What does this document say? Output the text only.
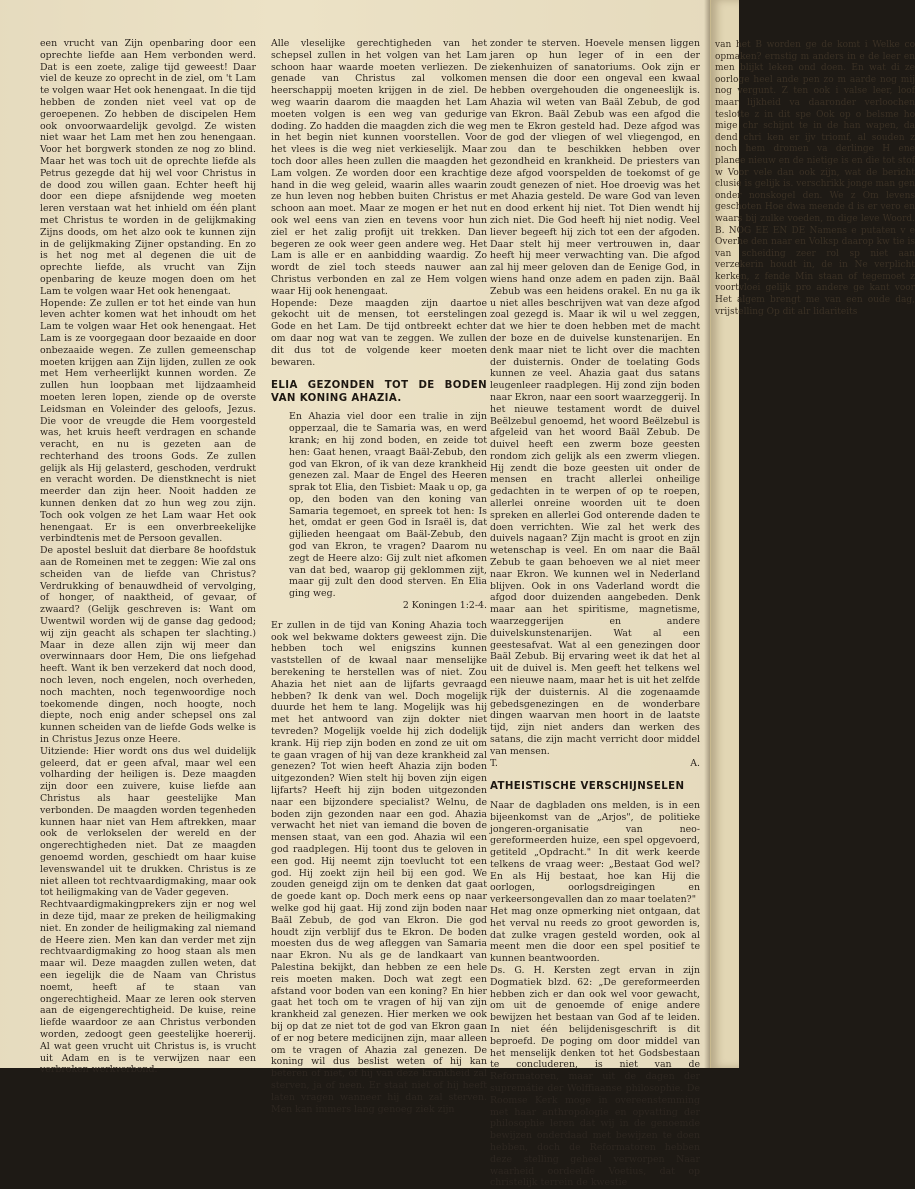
een vrucht van Zijn openbaring door een oprechte liefde aan Hem verbonden werd. Dat is een zoete, zalige tijd geweest! Daar viel de keuze zo oprecht in de ziel, om 't Lam te volgen waar Het ook henengaat. In die tijd hebben de zonden niet veel vat op de geroepenen. Zo hebben de discipelen Hem ook onvoorwaardelijk gevolgd. Ze wisten niet waar het Lam met hen zou henengaan. Voor het borgwerk stonden ze nog zo blind. Maar het was toch uit de oprechte liefde als Petrus gezegde dat hij wel voor Christus in de dood zou willen gaan. Echter heeft hij door een diepe afsnijdende weg moeten leren verstaan wat het inhield om één plant met Christus te worden in de gelijkmaking Zijns doods, om het alzo ook te kunnen zijn in de gelijkmaking Zijner opstanding. En zo is het nog met al degenen die uit de oprechte liefde, als vrucht van Zijn openbaring de keuze mogen doen om het Lam te volgen waar Het ook henengaat.

Hopende: Ze zullen er tot het einde van hun leven achter komen wat het inhoudt om het Lam te volgen waar Het ook henengaat. Het Lam is ze voorgegaan door bezaaide en door onbezaaide wegen. Ze zullen gemeenschap moeten krijgen aan Zijn lijden, zullen ze ook met Hem verheerlijkt kunnen worden. Ze zullen hun loopbaan met lijdzaamheid moeten leren lopen, ziende op de overste Leidsman en Voleinder des geloofs, Jezus. Die voor de vreugde die Hem voorgesteld was, het kruis heeft verdragen en schande veracht, en nu is gezeten aan de rechterhand des troons Gods. Ze zullen gelijk als Hij gelasterd, geschoden, verdrukt en veracht worden. De dienstknecht is niet meerder dan zijn heer. Nooit hadden ze kunnen denken dat zo hun weg zou zijn. Toch ook volgen ze het Lam waar Het ook henengaat. Er is een onverbreekelijke verbindtenis met de Persoon gevallen.

De apostel besluit dat dierbare 8e hoofdstuk aan de Romeinen met te zeggen: Wie zal ons scheiden van de liefde van Christus? Verdrukking of benauwdheid of vervolging, of honger, of naaktheid, of gevaar, of zwaard? (Gelijk geschreven is: Want om Uwentwil worden wij de ganse dag gedood; wij zijn geacht als schapen ter slachting.) Maar in deze allen zijn wij meer dan overwinnaars door Hem, Die ons liefgehad heeft. Want ik ben verzekerd dat noch dood, noch leven, noch engelen, noch overheden, noch machten, noch tegenwoordige noch toekomende dingen, noch hoogte, noch diepte, noch enig ander schepsel ons zal kunnen scheiden van de liefde Gods welke is in Christus Jezus onze Heere.

Uitziende: Hier wordt ons dus wel duidelijk geleerd, dat er geen afval, maar wel een volharding der heiligen is. Deze maagden zijn door een zuivere, kuise liefde aan Christus als haar geestelijke Man verbonden. De maagden worden tegenheden kunnen haar niet van Hem aftrekken, maar ook de verlokselen der wereld en der ongerechtigheden niet. Dat ze maagden genoemd worden, geschiedt om haar kuise levenswandel uit te drukken. Christus is ze niet alleen tot rechtvaardigmaking, maar ook tot heiligmaking van de Vader gegeven.

Rechtvaardigmakingprekers zijn er nog wel in deze tijd, maar ze preken de heiligmaking niet. En zonder de heiligmaking zal niemand de Heere zien. Men kan dan verder met zijn rechtvaardigmaking zo hoog staan als men maar wil. Deze maagden zullen weten, dat een iegelijk die de Naam van Christus noemt, heeft af te staan van ongerechtigheid. Maar ze leren ook sterven aan de eigengerechtigheid. De kuise, reine liefde waardoor ze aan Christus verbonden worden, zedoogt geen geestelijke hoererij. Al wat geen vrucht uit Christus is, is vrucht uit Adam en is te verwijzen naar een verbroken werkverbond.

Alle vleselijke gerechtigheden van het schepsel zullen in het volgen van het Lam schoon haar waarde moeten verliezen. De genade van Christus zal volkomen heerschappij moeten krijgen in de ziel. De weg waarin daarom die maagden het Lam moeten volgen is een weg van gedurige doding. Zo hadden die maagden zich die weg in het begin niet kunnen voorstellen. Voor het vlees is die weg niet verkieselijk. Maar toch door alles heen zullen die maagden het Lam volgen. Ze worden door een krachtige hand in die weg geleid, waarin alles waarin ze hun leven nog hebben buiten Christus er schoon aan moet. Maar ze mogen er het nut ook wel eens van zien en tevens voor hun ziel er het zalig profijt uit trekken. Dan begeren ze ook weer geen andere weg. Het Lam is alle er en aanbidding waardig. Zo wordt de ziel toch steeds nauwer aan Christus verbonden en zal ze Hem volgen waar Hij ook henengaat.

Hopende: Deze maagden zijn daartoe gekocht uit de mensen, tot eerstelingen Gode en het Lam. De tijd ontbreekt echter om daar nog wat van te zeggen. We zullen dit dus tot de volgende keer moeten bewaren.

ELIA GEZONDEN TOT DE BODEN VAN KONING AHAZIA.
En Ahazia viel door een tralie in zijn opperzaal, die te Samaria was, en werd krank; en hij zond boden, en zeide tot hen: Gaat henen, vraagt Baäl-Zebub, den god van Ekron, of ik van deze krankheid genezen zal. Maar de Engel des Heeren sprak tot Elia, den Tisbiet: Maak u op, ga op, den boden van den koning van Samaria tegemoet, en spreek tot hen: Is het, omdat er geen God in Israël is, dat gijlieden heengaat om Baäl-Zebub, den god van Ekron, te vragen? Daarom nu zegt de Heere alzo: Gij zult niet afkomen van dat bed, waarop gij geklommen zijt, maar gij zult den dood sterven. En Elia ging weg.
2 Koningen 1:2-4.

Er zullen in de tijd van Koning Ahazia toch ook wel bekwame dokters geweest zijn. Die hebben toch wel enigszins kunnen vaststellen of de kwaal naar menselijke berekening te herstellen was of niet. Zou Ahazia het niet aan de lijfarts gevraagd hebben? Ik denk van wel. Doch mogelijk duurde het hem te lang. Mogelijk was hij met het antwoord van zijn dokter niet tevreden? Mogelijk voelde hij zich dodelijk krank. Hij riep zijn boden en zond ze uit om te gaan vragen of hij van deze krankheid zal genezen? Tot wien heeft Ahazia zijn boden uitgezonden? Wien stelt hij boven zijn eigen lijfarts? Heeft hij zijn boden uitgezonden naar een bijzondere specialist? Welnu, de boden zijn gezonden naar een god. Ahazia verwacht het niet van iemand die boven de mensen staat, van een god. Ahazia wil een god raadplegen. Hij toont dus te geloven in een god. Hij neemt zijn toevlucht tot een god. Hij zoekt zijn heil bij een god. We zouden geneigd zijn om te denken dat gaat de goede kant op. Doch merk eens op naar welke god hij gaat. Hij zond zijn boden naar Baäl Zebub, de god van Ekron. Die god houdt zijn verblijf dus te Ekron. De boden moesten dus de weg afleggen van Samaria naar Ekron. Nu als ge de landkaart van Palestina bekijkt, dan hebben ze een hele reis moeten maken. Doch wat zegt een afstand voor boden van een koning? En hier gaat het toch om te vragen of hij van zijn krankheid zal genezen. Hier merken we ook bij op dat ze niet tot de god van Ekron gaan of er nog betere medicijnen zijn, maar alleen om te vragen of Ahazia zal genezen. De koning wil dus beslist weten of hij kan beteren of niet, of hij van deze krankheid zal sterven, ja of neen. Er staat niet of hij heeft laten vragen wanneer hij dan zal sterven. Men kan immers lang genoeg ziek zijn

zonder te sterven. Hoevele mensen liggen jaren op hun leger of in een der ziekenhuizen of sanatoriums. Ook zijn er mensen die door een ongeval een kwaal hebben overgehouden die ongeneeslijk is. Ahazia wil weten van Baäl Zebub, de god van Ekron. Baäl Zebub was een afgod die men te Ekron gesteld had. Deze afgod was de god der vliegen of wel vliegengod, en zou dan te beschikken hebben over gezondheid en krankheid. De priesters van deze afgod voorspelden de toekomst of ge zoudt genezen of niet. Hoe droevig was het met Ahazia gesteld. De ware God van leven en dood erkent hij niet. Tot Dien wendt hij zich niet. Die God heeft hij niet nodig. Veel liever begeeft hij zich tot een der afgoden. Daar stelt hij meer vertrouwen in, daar heeft hij meer verwachting van. Die afgod zal hij meer geloven dan de Eenige God, in wiens hand onze adem en paden zijn. Baäl Zebub was een heidens orakel. En nu ga ik u niet alles beschrijven wat van deze afgod zoal gezegd is. Maar ik wil u wel zeggen, dat we hier te doen hebben met de macht der boze en de duivelse kunstenarijen. En denk maar niet te licht over die machten der duisternis. Onder de toelating Gods kunnen ze veel. Ahazia gaat dus satans leugenleer raadplegen. Hij zond zijn boden naar Ekron, naar een soort waarzeggerij. In het nieuwe testament wordt de duivel Beëlzebul genoemd, het woord Beëlzebul is afgeleid van het woord Baäl Zebub. De duivel heeft een zwerm boze geesten rondom zich gelijk als een zwerm vliegen. Hij zendt die boze geesten uit onder de mensen en tracht allerlei onheilige gedachten in te werpen of op te roepen, allerlei onreine woorden uit te doen spreken en allerlei God onterende daden te doen verrichten. Wie zal het werk des duivels nagaan? Zijn macht is groot en zijn wetenschap is veel. En om naar die Baäl Zebub te gaan behoeven we al niet meer naar Ekron. We kunnen wel in Nederland blijven. Ook in ons Vaderland wordt die afgod door duizenden aangebeden. Denk maar aan het spiritisme, magnetisme, waarzeggerijen en andere duivelskunstenarijen. Wat al een geestesafvat. Wat al een genezingen door Baäl Zebub. Bij ervaring weet ik dat het al uit de duivel is. Men geeft het telkens wel een nieuwe naam, maar het is uit het zelfde rijk der duisternis. Al die zogenaamde gebedsgenezingen en de wonderbare dingen waarvan men hoort in de laatste tijd, zijn niet anders dan werken des satans, die zijn macht verricht door middel van mensen.

T.	A.
ATHEISTISCHE VERSCHIJNSELEN

Naar de dagbladen ons melden, is in een bijeenkomst van de „Arjos", de politieke jongeren-organisatie van neo-gereformeerden huize, een spel opgevoerd, getiteld „Opdracht." In dit werk keerde telkens de vraag weer: „Bestaat God wel? En als Hij bestaat, hoe kan Hij die oorlogen, oorlogsdreigingen en verkeersongevallen dan zo maar toelaten?"

Het mag onze opmerking niet ontgaan, dat het verval nu reeds zo groot geworden is, dat zulke vragen gesteld worden, ook al meent men die door een spel positief te kunnen beantwoorden.

Ds. G. H. Kersten zegt ervan in zijn Dogmatiek blzd. 62: „De gereformeerden hebben zich er dan ook wel voor gewacht, om uit de genoemde of enige andere bewijzen het bestaan van God af te leiden. In niet één belijdenisgeschrift is dit beproefd. De poging om door middel van het menselijk denken tot het Godsbestaan te concluderen, is niet van de Reformatoren, maar uit de dagen der supremátie der Wolffiaanse philosophie. De Roomse Kerk moge in overeenstemming met haar anthropologie en opvatting der philosophie leren dat wij in de genoemde bewijzen onderdaad met bewijzen te doen hebben, doch de Reformatoren hebben deze stelling geheel verworpen Naar waarheid oordeelde Voetius, dat op christelijk terrein de kwestie

van het B worden ge de komt i Welke co opmaken? ernstig m anders in e de leer en men blijkt leken ond doen. En wat di ze oorloge heel ande pen zo m aarde nog mij nog vergunt. Z ten ook i valse leer, loof maar lijkheid va daaronder verloochen teslotte z in dit spe Ook op o belsme ho mige chr schijnt te in de han wapen, da dend chri ken er ijv triomf, al souden z noch hem dromen va derlinge H ene planee nieuw en de nietige is en die tot stof w Voor vele dan ook zijn, wat de bericht clusie is gelijk is. verschrikk jonge man gen onder nonskogel den. We z Om levens geschoten Hoe dwa meende d is er vero en waars bij zulke voeden, m dige leve Woord. B. NOG EE EN DE Namens e putaten v e Overhe den naar en Volksp daarop kw tie is van scheiding zeer rol sp niet aan verzekerin houdt in, de in Ne verplicht kerken, z fende Min staan of tegemoet z voortvloei gelijk pro andere ge kant voor Het algem brengt me van een oude dag, vrijstelling Op dit alr lidariteits
